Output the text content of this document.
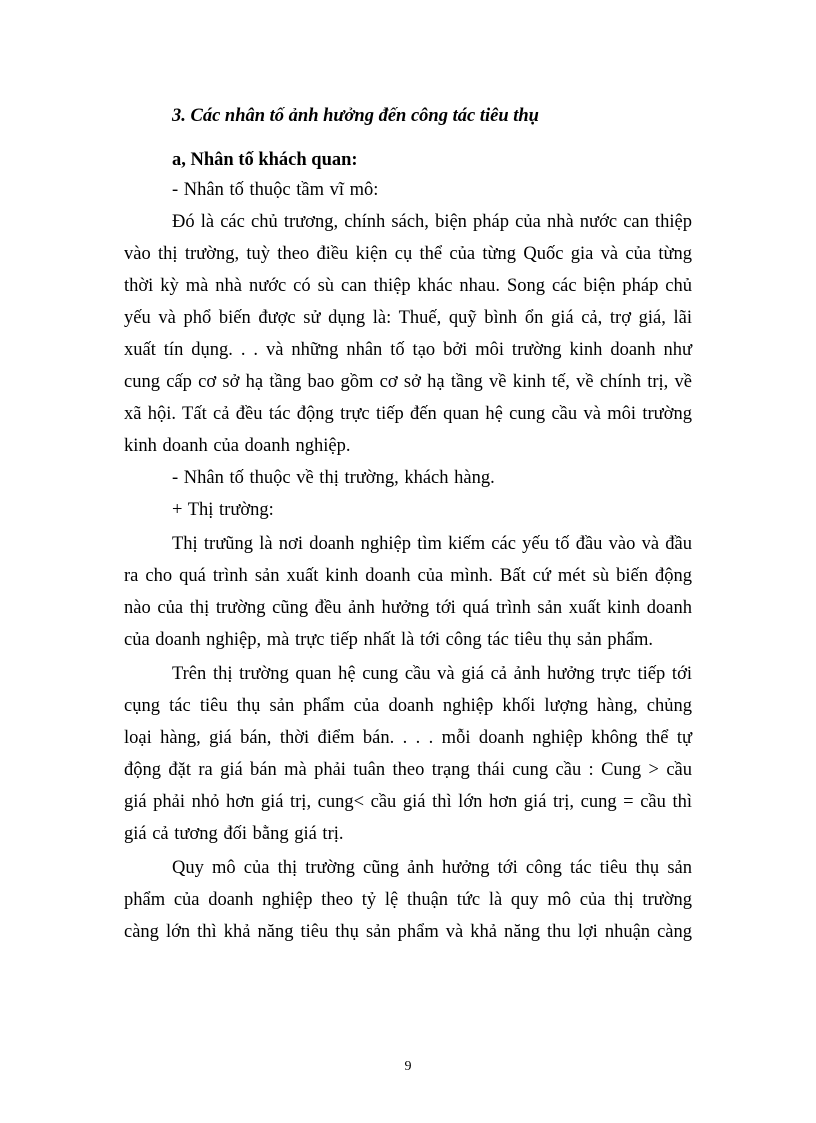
3. Các nhân tố ảnh hưởng đến công tác tiêu thụ
a, Nhân tố khách quan:
- Nhân tố thuộc tầm vĩ mô:
Đó là các chủ trương, chính sách, biện pháp của nhà nước can thiệp
vào thị trường, tuỳ theo điều kiện cụ thể của từng Quốc gia và của từng
thời kỳ mà nhà nước có sù can thiệp khác nhau. Song các biện pháp chủ
yếu và phổ biến được sử dụng là: Thuế, quỹ bình ổn giá cả, trợ giá, lãi
xuất tín dụng. . . và những nhân tố tạo bởi môi trường kinh doanh như
cung cấp cơ sở hạ tầng bao gồm cơ sở hạ tầng về kinh tế, về chính trị, về
xã hội. Tất cả đều tác động trực tiếp đến quan hệ cung cầu và môi trường
kinh doanh của doanh nghiệp.
- Nhân tố thuộc về thị trường, khách hàng.
+ Thị trường:
Thị trưũng là nơi doanh nghiệp tìm kiếm các yếu tố đầu vào và đầu
ra cho quá trình sản xuất kinh doanh của mình. Bất cứ mét sù biến động
nào của thị trường cũng đều ảnh hưởng tới quá trình sản xuất kinh doanh
của doanh nghiệp, mà trực tiếp nhất là tới công tác tiêu thụ sản phẩm.
Trên thị trường quan hệ cung cầu và giá cả ảnh hưởng trực tiếp tới
cụng tác tiêu thụ sản phẩm của doanh nghiệp khối lượng hàng, chủng
loại hàng, giá bán, thời điểm bán. . . . mỗi doanh nghiệp không thể tự
động đặt ra giá bán mà phải tuân theo trạng thái cung cầu : Cung > cầu
giá phải nhỏ hơn giá trị, cung< cầu giá thì lớn hơn giá trị, cung = cầu thì
giá cả tương đối bằng giá trị.
Quy mô của thị trường cũng ảnh hưởng tới công tác tiêu thụ sản
phẩm của doanh nghiệp theo tỷ lệ thuận tức là quy mô của thị trường
càng lớn thì khả năng tiêu thụ sản phẩm và khả năng thu lợi nhuận càng
9
